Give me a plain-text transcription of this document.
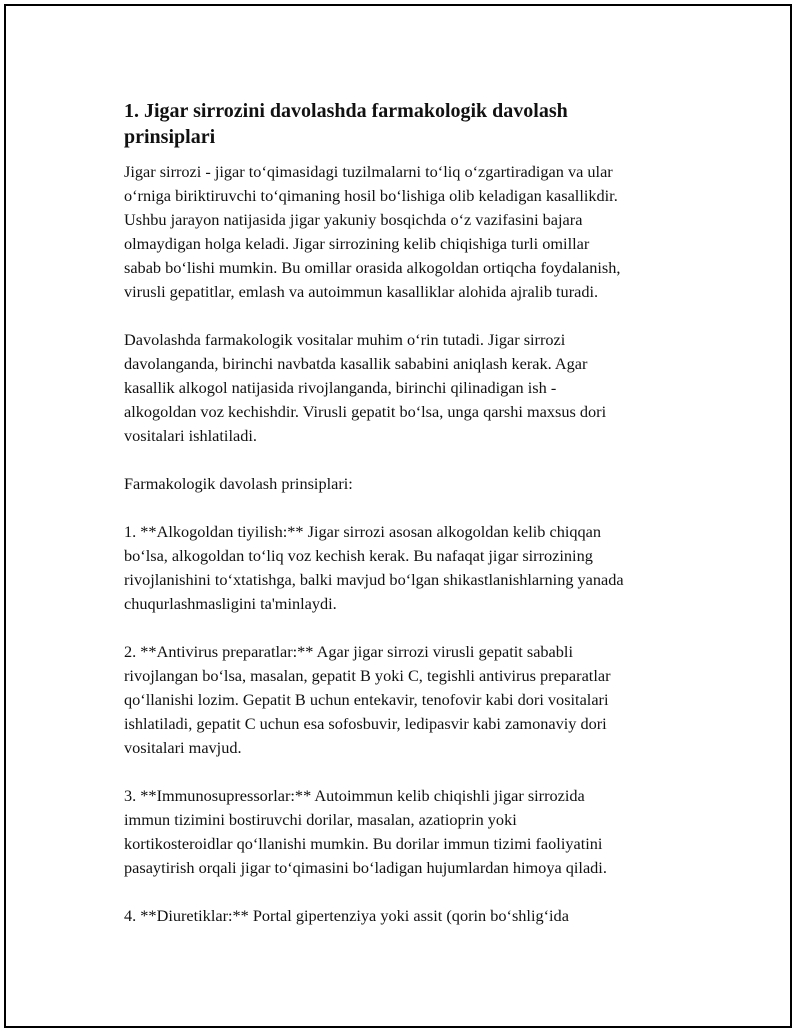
1. Jigar sirrozini davolashda farmakologik davolash
prinsiplari

Jigar sirrozi - jigar to‘qimasidagi tuzilmalarni to‘liq o‘zgartiradigan va ular
o‘rniga biriktiruvchi to‘qimaning hosil bo‘lishiga olib keladigan kasallikdir.
Ushbu jarayon natijasida jigar yakuniy bosqichda o‘z vazifasini bajara
olmaydigan holga keladi. Jigar sirrozining kelib chiqishiga turli omillar
sabab bo‘lishi mumkin. Bu omillar orasida alkogoldan ortiqcha foydalanish,
virusli gepatitlar, emlash va autoimmun kasalliklar alohida ajralib turadi.

Davolashda farmakologik vositalar muhim o‘rin tutadi. Jigar sirrozi
davolanganda, birinchi navbatda kasallik sababini aniqlash kerak. Agar
kasallik alkogol natijasida rivojlanganda, birinchi qilinadigan ish -
alkogoldan voz kechishdir. Virusli gepatit bo‘lsa, unga qarshi maxsus dori
vositalari ishlatiladi.

Farmakologik davolash prinsiplari:

1. **Alkogoldan tiyilish:** Jigar sirrozi asosan alkogoldan kelib chiqqan
bo‘lsa, alkogoldan to‘liq voz kechish kerak. Bu nafaqat jigar sirrozining
rivojlanishini to‘xtatishga, balki mavjud bo‘lgan shikastlanishlarning yanada
chuqurlashmasligini ta'minlaydi.

2. **Antivirus preparatlar:** Agar jigar sirrozi virusli gepatit sababli
rivojlangan bo‘lsa, masalan, gepatit B yoki C, tegishli antivirus preparatlar
qo‘llanishi lozim. Gepatit B uchun entekavir, tenofovir kabi dori vositalari
ishlatiladi, gepatit C uchun esa sofosbuvir, ledipasvir kabi zamonaviy dori
vositalari mavjud.

3. **Immunosupressorlar:** Autoimmun kelib chiqishli jigar sirrozida
immun tizimini bostiruvchi dorilar, masalan, azatioprin yoki
kortikosteroidlar qo‘llanishi mumkin. Bu dorilar immun tizimi faoliyatini
pasaytirish orqali jigar to‘qimasini bo‘ladigan hujumlardan himoya qiladi.

4. **Diuretiklar:** Portal gipertenziya yoki assit (qorin bo‘shlig‘ida
